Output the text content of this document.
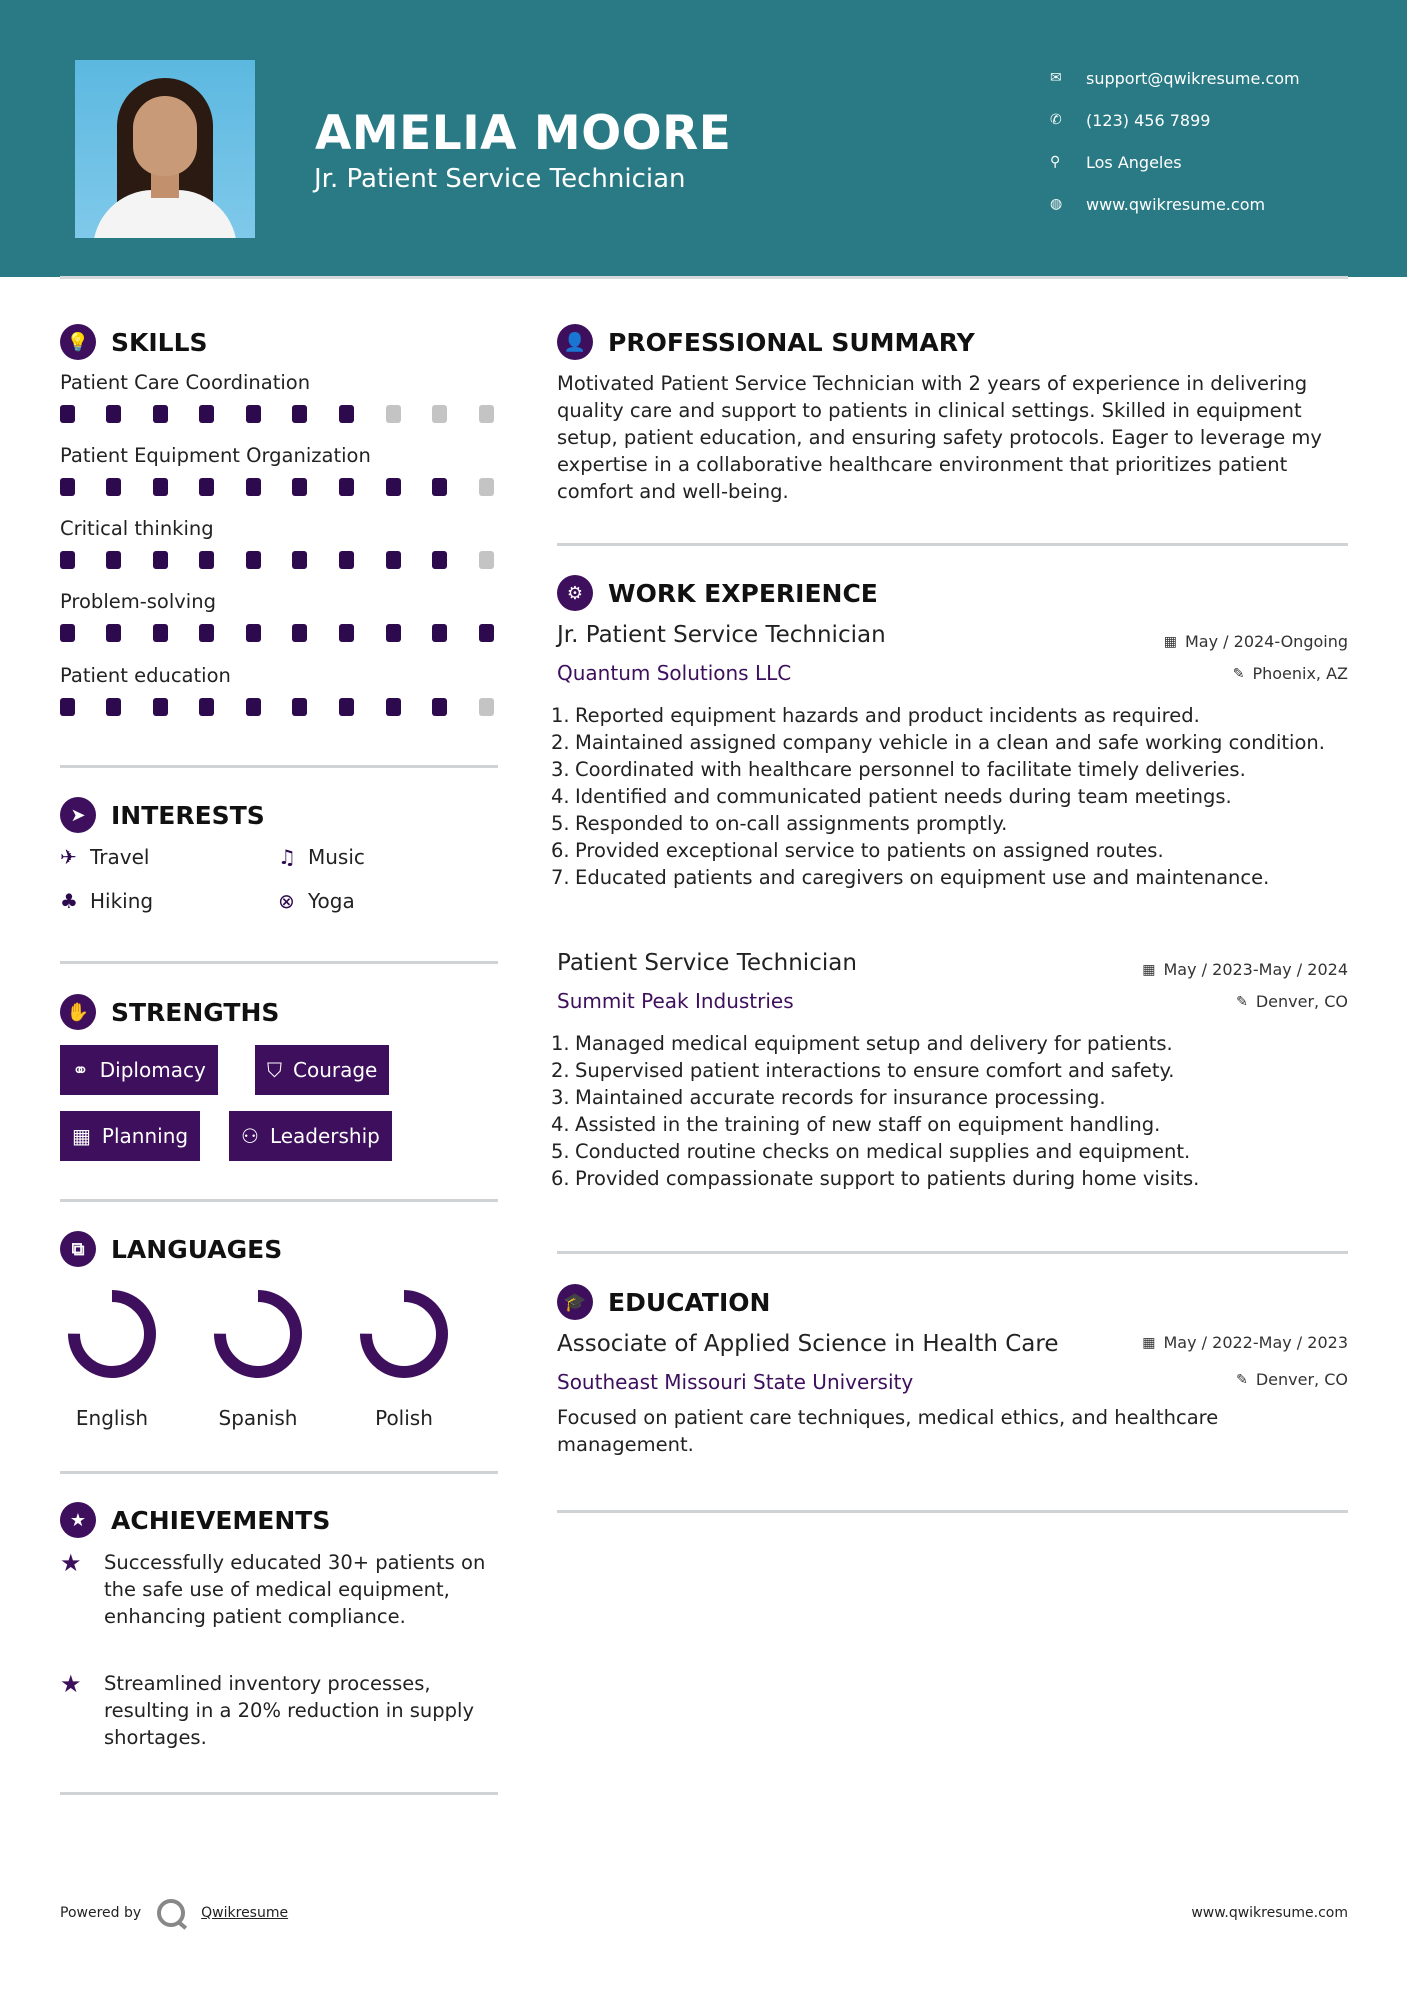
AMELIA MOORE
Jr. Patient Service Technician
✉	support@qwikresume.com
✆	(123) 456 7899
⚲	Los Angeles
◍	www.qwikresume.com
💡 SKILLS
Patient Care Coordination
Patient Equipment Organization
Critical thinking
Problem-solving
Patient education
➤	INTERESTS
✈ Travel	♫ Music
♣ Hiking	⊗ Yoga
✋ STRENGTHS
⚭ Diplomacy	⛉ Courage
▦ Planning	⚇ Leadership
⧉	LANGUAGES
English	Spanish	Polish
★ ACHIEVEMENTS
★	Successfully educated 30+ patients on the safe use of medical equipment, enhancing patient compliance.
★	Streamlined inventory processes, resulting in a 20% reduction in supply shortages.
👤 PROFESSIONAL SUMMARY
Motivated Patient Service Technician with 2 years of experience in delivering quality care and support to patients in clinical settings. Skilled in equipment setup, patient education, and ensuring safety protocols. Eager to leverage my expertise in a collaborative healthcare environment that prioritizes patient comfort and well-being.
⚙ WORK EXPERIENCE
Jr. Patient Service Technician	▦ May / 2024-Ongoing
Quantum Solutions LLC	✎ Phoenix, AZ
1. Reported equipment hazards and product incidents as required.
2. Maintained assigned company vehicle in a clean and safe working condition.
3. Coordinated with healthcare personnel to facilitate timely deliveries.
4. Identified and communicated patient needs during team meetings.
5. Responded to on-call assignments promptly.
6. Provided exceptional service to patients on assigned routes.
7. Educated patients and caregivers on equipment use and maintenance.
Patient Service Technician	▦ May / 2023-May / 2024
Summit Peak Industries	✎ Denver, CO
1. Managed medical equipment setup and delivery for patients.
2. Supervised patient interactions to ensure comfort and safety.
3. Maintained accurate records for insurance processing.
4. Assisted in the training of new staff on equipment handling.
5. Conducted routine checks on medical supplies and equipment.
6. Provided compassionate support to patients during home visits.
🎓 EDUCATION
Associate of Applied Science in Health Care	▦ May / 2022-May / 2023
Southeast Missouri State University	✎ Denver, CO
Focused on patient care techniques, medical ethics, and healthcare management.
Powered by	Qwikresume	www.qwikresume.com
